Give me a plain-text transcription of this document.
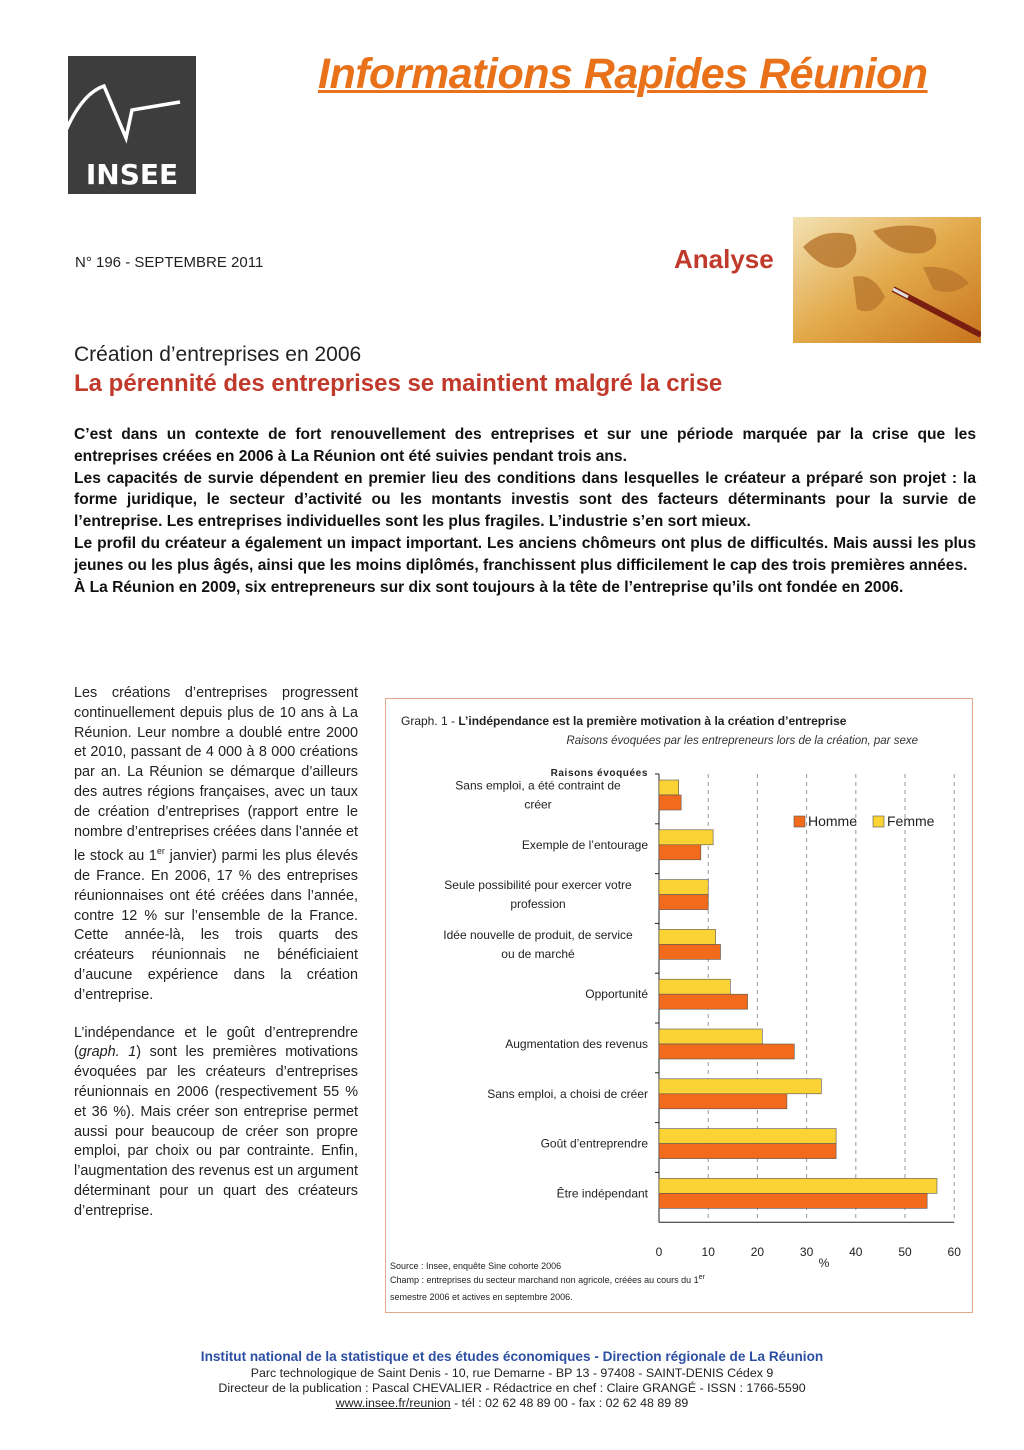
INSEE
Informations Rapides Réunion
N° 196 - SEPTEMBRE 2011	Analyse
Création d’entreprises en 2006
La pérennité des entreprises se maintient malgré la crise

C’est dans un contexte de fort renouvellement des entreprises et sur une période marquée par la crise que les entreprises créées en 2006 à La Réunion ont été suivies pendant trois ans.

Les capacités de survie dépendent en premier lieu des conditions dans lesquelles le créateur a préparé son projet : la forme juridique, le secteur d’activité ou les montants investis sont des facteurs déterminants pour la survie de l’entreprise. Les entreprises individuelles sont les plus fragiles. L’industrie s’en sort mieux.

Le profil du créateur a également un impact important. Les anciens chômeurs ont plus de difficultés. Mais aussi les plus jeunes ou les plus âgés, ainsi que les moins diplômés, franchissent plus difficilement le cap des trois premières années.

À La Réunion en 2009, six entrepreneurs sur dix sont toujours à la tête de l’entreprise qu’ils ont fondée en 2006.

Les créations d’entreprises progressent continuellement depuis plus de 10 ans à La Réunion. Leur nombre a doublé entre 2000 et 2010, passant de 4 000 à 8 000 créations par an. La Réunion se démarque d’ailleurs des autres régions françaises, avec un taux de création d’entreprises (rapport entre le nombre d’entreprises créées dans l’année et le stock au 1er janvier) parmi les plus élevés de France. En 2006, 17 % des entreprises réunionnaises ont été créées dans l’année, contre 12 % sur l’ensemble de la France. Cette année-là, les trois quarts des créateurs réunionnais ne bénéficiaient d’aucune expérience dans la création d’entreprise.

L’indépendance et le goût d’entreprendre (graph. 1) sont les premières motivations évoquées par les créateurs d’entreprises réunionnais en 2006 (respectivement 55 % et 36 %). Mais créer son entreprise permet aussi pour beaucoup de créer son propre emploi, par choix ou par contrainte. Enfin, l’augmentation des revenus est un argument déterminant pour un quart des créateurs d’entreprise.

Graph. 1 - L’indépendance est la première motivation à la création d’entreprise
Raisons évoquées par les entrepreneurs lors de la création, par sexe
Raisons évoquées
0	10	20	30	40	50	60
Sans emploi, a été contraint de créer
Exemple de l’entourage
Seule possibilité pour exercer votre profession
Idée nouvelle de produit, de service ou de marché
Opportunité
Augmentation des revenus
Sans emploi, a choisi de créer
Goût d’entreprendre
Être indépendant
%
Source : Insee, enquête Sine cohorte 2006
Champ : entreprises du secteur marchand non agricole, créées au cours du 1er
semestre 2006 et actives en septembre 2006.
Homme Femme
Institut national de la statistique et des études économiques - Direction régionale de La Réunion
Parc technologique de Saint Denis - 10, rue Demarne - BP 13 - 97408 - SAINT-DENIS Cédex 9
Directeur de la publication : Pascal CHEVALIER - Rédactrice en chef : Claire GRANGÉ - ISSN : 1766-5590
www.insee.fr/reunion - tél : 02 62 48 89 00 - fax : 02 62 48 89 89
